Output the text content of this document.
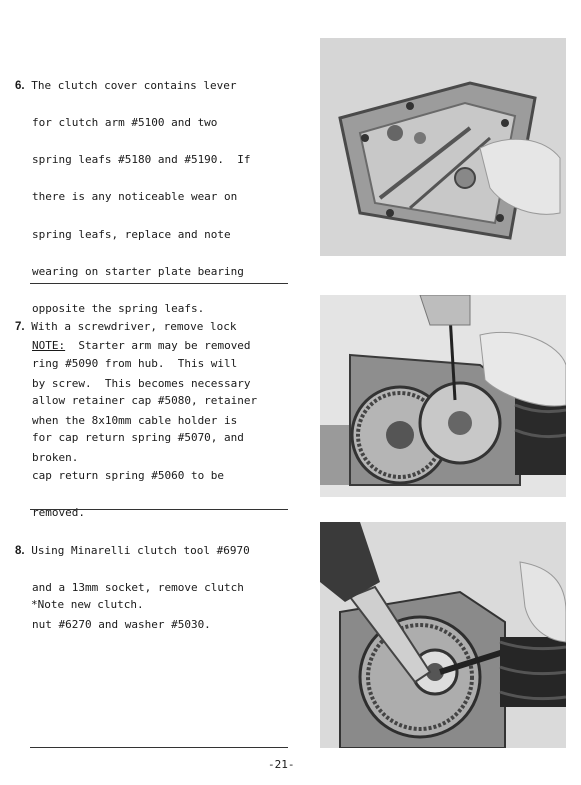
6. The clutch cover contains lever

for clutch arm #5100 and two

spring leafs #5180 and #5190.  If

there is any noticeable wear on

spring leafs, replace and note

wearing on starter plate bearing

opposite the spring leafs.

NOTE:  Starter arm may be removed

by screw.  This becomes necessary

when the 8x10mm cable holder is

broken.

7. With a screwdriver, remove lock

ring #5090 from hub.  This will

allow retainer cap #5080, retainer

for cap return spring #5070, and

cap return spring #5060 to be

removed.

8. Using Minarelli clutch tool #6970

and a 13mm socket, remove clutch

nut #6270 and washer #5030.

*Note new clutch.
-21-
